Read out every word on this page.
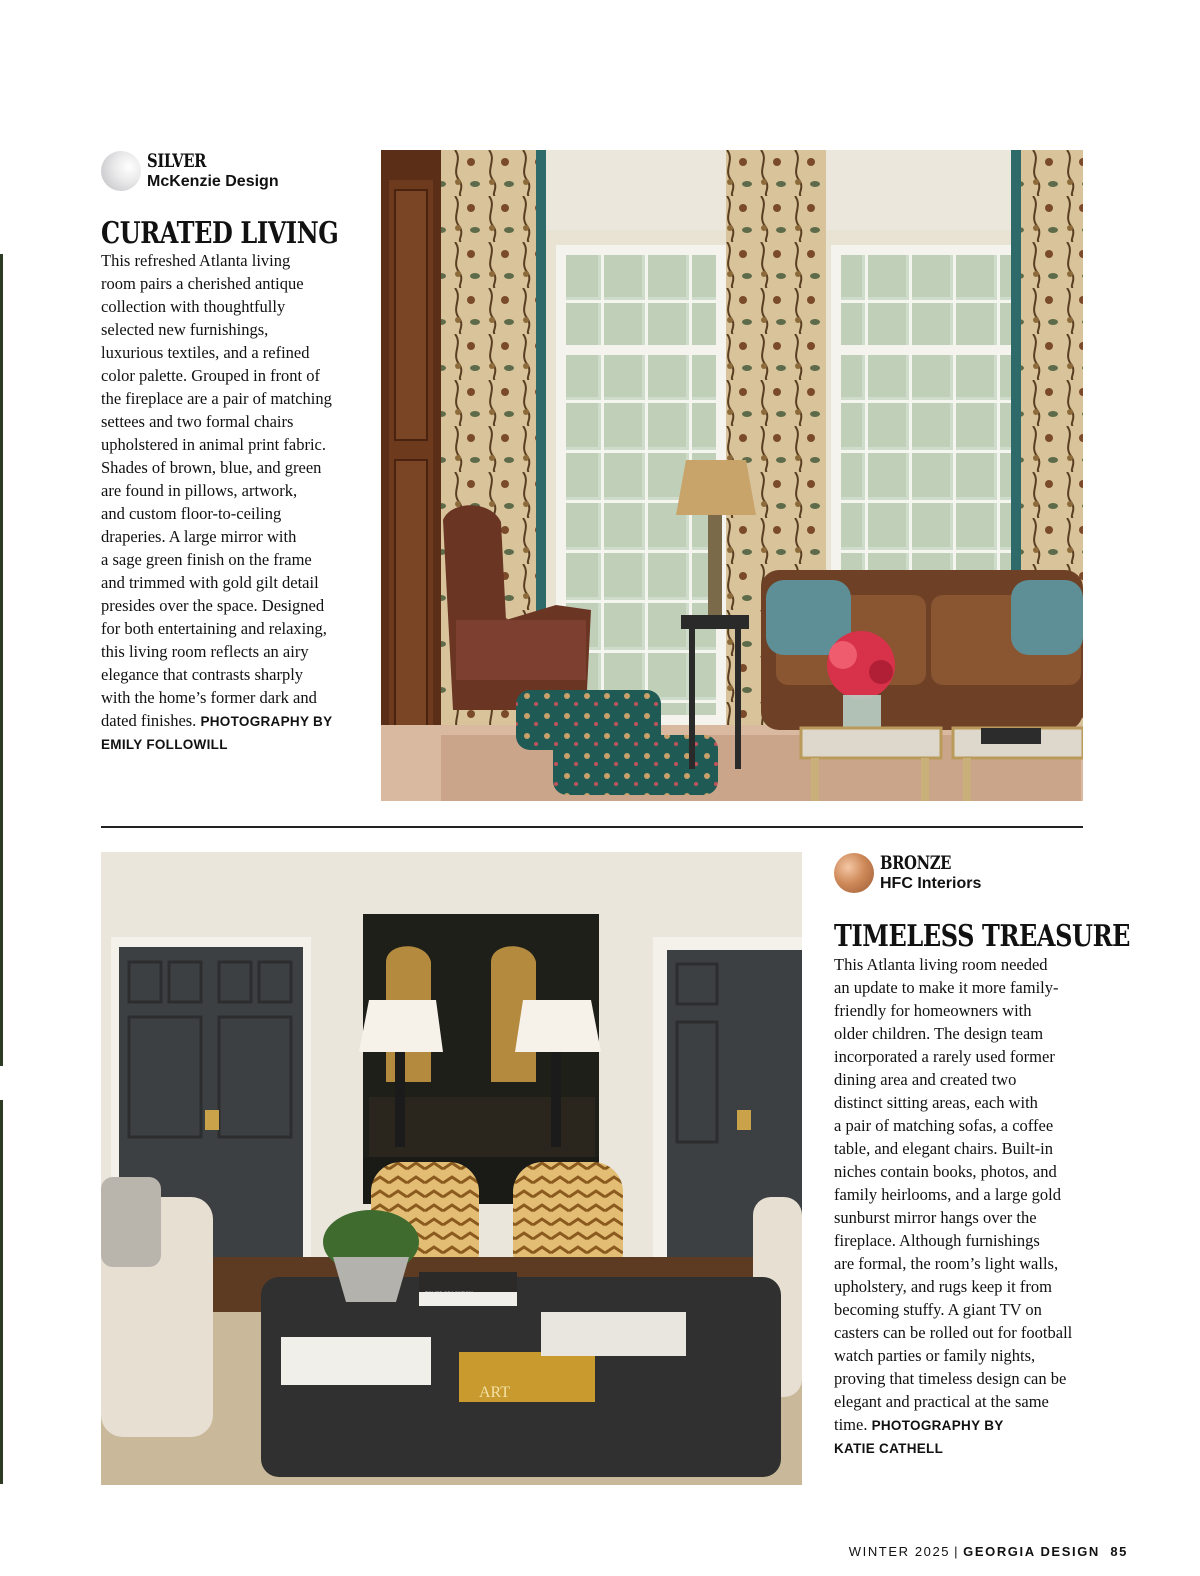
SILVER
McKenzie Design
CURATED LIVING
This refreshed Atlanta living
room pairs a cherished antique
collection with thoughtfully
selected new furnishings,
luxurious textiles, and a refined
color palette. Grouped in front of
the fireplace are a pair of matching
settees and two formal chairs
upholstered in animal print fabric.
Shades of brown, blue, and green
are found in pillows, artwork,
and custom floor-to-ceiling
draperies. A large mirror with
a sage green finish on the frame
and trimmed with gold gilt detail
presides over the space. Designed
for both entertaining and relaxing,
this living room reflects an airy
elegance that contrasts sharply
with the home’s former dark and
dated finishes. PHOTOGRAPHY BY
EMILY FOLLOWILL
TOWER OF LONDON
ART
BRONZE
HFC Interiors
TIMELESS TREASURE
This Atlanta living room needed
an update to make it more family-
friendly for homeowners with
older children. The design team
incorporated a rarely used former
dining area and created two
distinct sitting areas, each with
a pair of matching sofas, a coffee
table, and elegant chairs. Built-in
niches contain books, photos, and
family heirlooms, and a large gold
sunburst mirror hangs over the
fireplace. Although furnishings
are formal, the room’s light walls,
upholstery, and rugs keep it from
becoming stuffy. A giant TV on
casters can be rolled out for football
watch parties or family nights,
proving that timeless design can be
elegant and practical at the same
time. PHOTOGRAPHY BY
KATIE CATHELL
WINTER 2025 | GEORGIA DESIGN 85
